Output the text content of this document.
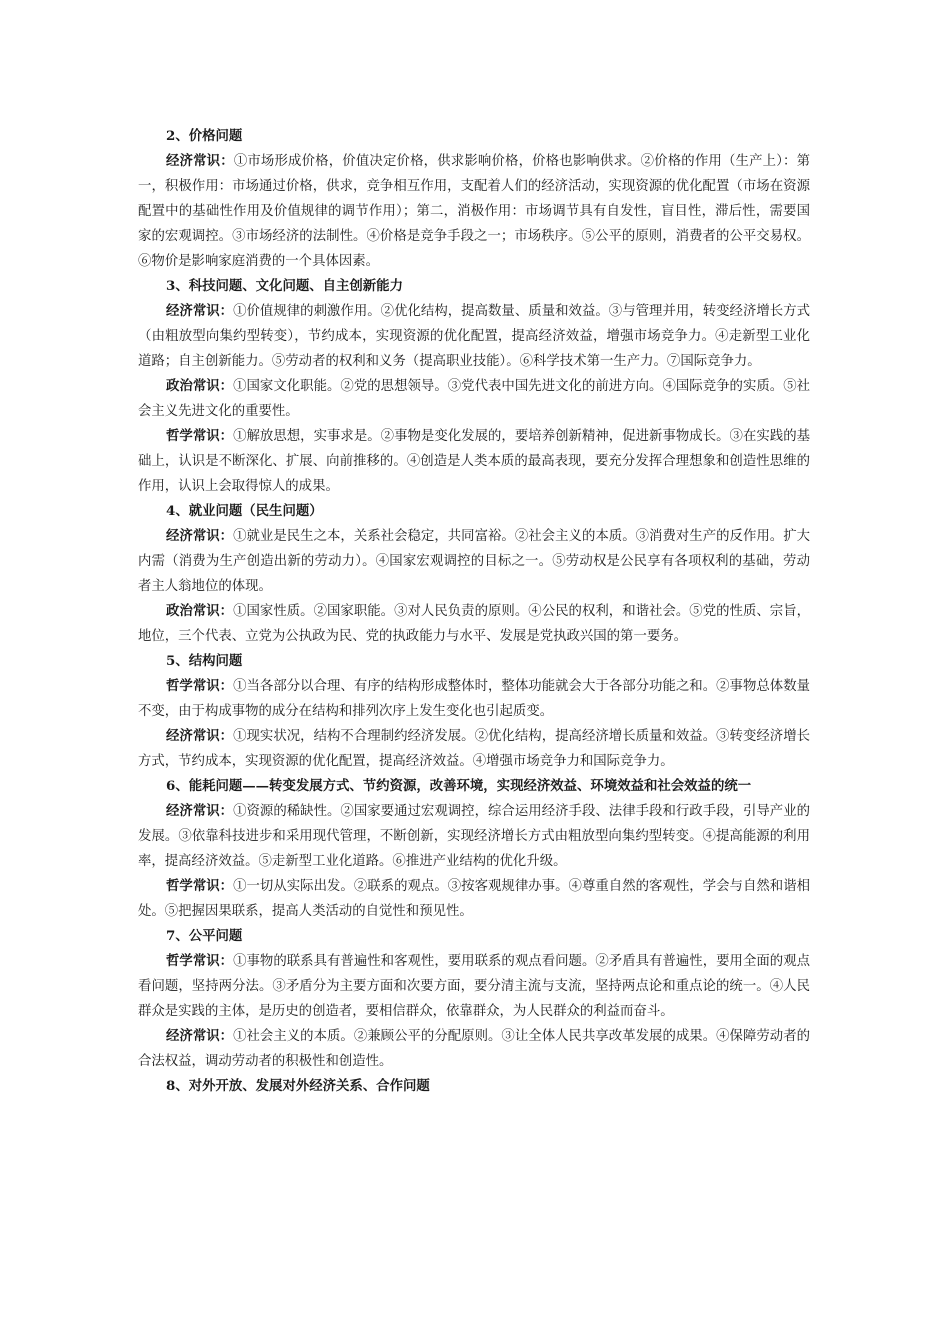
2、价格问题

经济常识：①市场形成价格，价值决定价格，供求影响价格，价格也影响供求。②价格的作用（生产上）：第一，积极作用：市场通过价格，供求，竞争相互作用，支配着人们的经济活动，实现资源的优化配置（市场在资源配置中的基础性作用及价值规律的调节作用）；第二，消极作用：市场调节具有自发性，盲目性，滞后性，需要国家的宏观调控。③市场经济的法制性。④价格是竞争手段之一；市场秩序。⑤公平的原则，消费者的公平交易权。⑥物价是影响家庭消费的一个具体因素。

3、科技问题、文化问题、自主创新能力

经济常识：①价值规律的刺激作用。②优化结构，提高数量、质量和效益。③与管理并用，转变经济增长方式（由粗放型向集约型转变），节约成本，实现资源的优化配置，提高经济效益，增强市场竞争力。④走新型工业化道路；自主创新能力。⑤劳动者的权利和义务（提高职业技能）。⑥科学技术第一生产力。⑦国际竞争力。

政治常识：①国家文化职能。②党的思想领导。③党代表中国先进文化的前进方向。④国际竞争的实质。⑤社会主义先进文化的重要性。

哲学常识：①解放思想，实事求是。②事物是变化发展的，要培养创新精神，促进新事物成长。③在实践的基础上，认识是不断深化、扩展、向前推移的。④创造是人类本质的最高表现，要充分发挥合理想象和创造性思维的作用，认识上会取得惊人的成果。

4、就业问题（民生问题）

经济常识：①就业是民生之本，关系社会稳定，共同富裕。②社会主义的本质。③消费对生产的反作用。扩大内需（消费为生产创造出新的劳动力）。④国家宏观调控的目标之一。⑤劳动权是公民享有各项权利的基础，劳动者主人翁地位的体现。

政治常识：①国家性质。②国家职能。③对人民负责的原则。④公民的权利，和谐社会。⑤党的性质、宗旨，地位，三个代表、立党为公执政为民、党的执政能力与水平、发展是党执政兴国的第一要务。

5、结构问题

哲学常识：①当各部分以合理、有序的结构形成整体时，整体功能就会大于各部分功能之和。②事物总体数量不变，由于构成事物的成分在结构和排列次序上发生变化也引起质变。

经济常识：①现实状况，结构不合理制约经济发展。②优化结构，提高经济增长质量和效益。③转变经济增长方式，节约成本，实现资源的优化配置，提高经济效益。④增强市场竞争力和国际竞争力。

6、能耗问题——转变发展方式、节约资源，改善环境，实现经济效益、环境效益和社会效益的统一

经济常识：①资源的稀缺性。②国家要通过宏观调控，综合运用经济手段、法律手段和行政手段，引导产业的发展。③依靠科技进步和采用现代管理，不断创新，实现经济增长方式由粗放型向集约型转变。④提高能源的利用率，提高经济效益。⑤走新型工业化道路。⑥推进产业结构的优化升级。

哲学常识：①一切从实际出发。②联系的观点。③按客观规律办事。④尊重自然的客观性，学会与自然和谐相处。⑤把握因果联系，提高人类活动的自觉性和预见性。

7、公平问题

哲学常识：①事物的联系具有普遍性和客观性，要用联系的观点看问题。②矛盾具有普遍性，要用全面的观点看问题，坚持两分法。③矛盾分为主要方面和次要方面，要分清主流与支流，坚持两点论和重点论的统一。④人民群众是实践的主体，是历史的创造者，要相信群众，依靠群众，为人民群众的利益而奋斗。

经济常识：①社会主义的本质。②兼顾公平的分配原则。③让全体人民共享改革发展的成果。④保障劳动者的合法权益，调动劳动者的积极性和创造性。

8、对外开放、发展对外经济关系、合作问题
